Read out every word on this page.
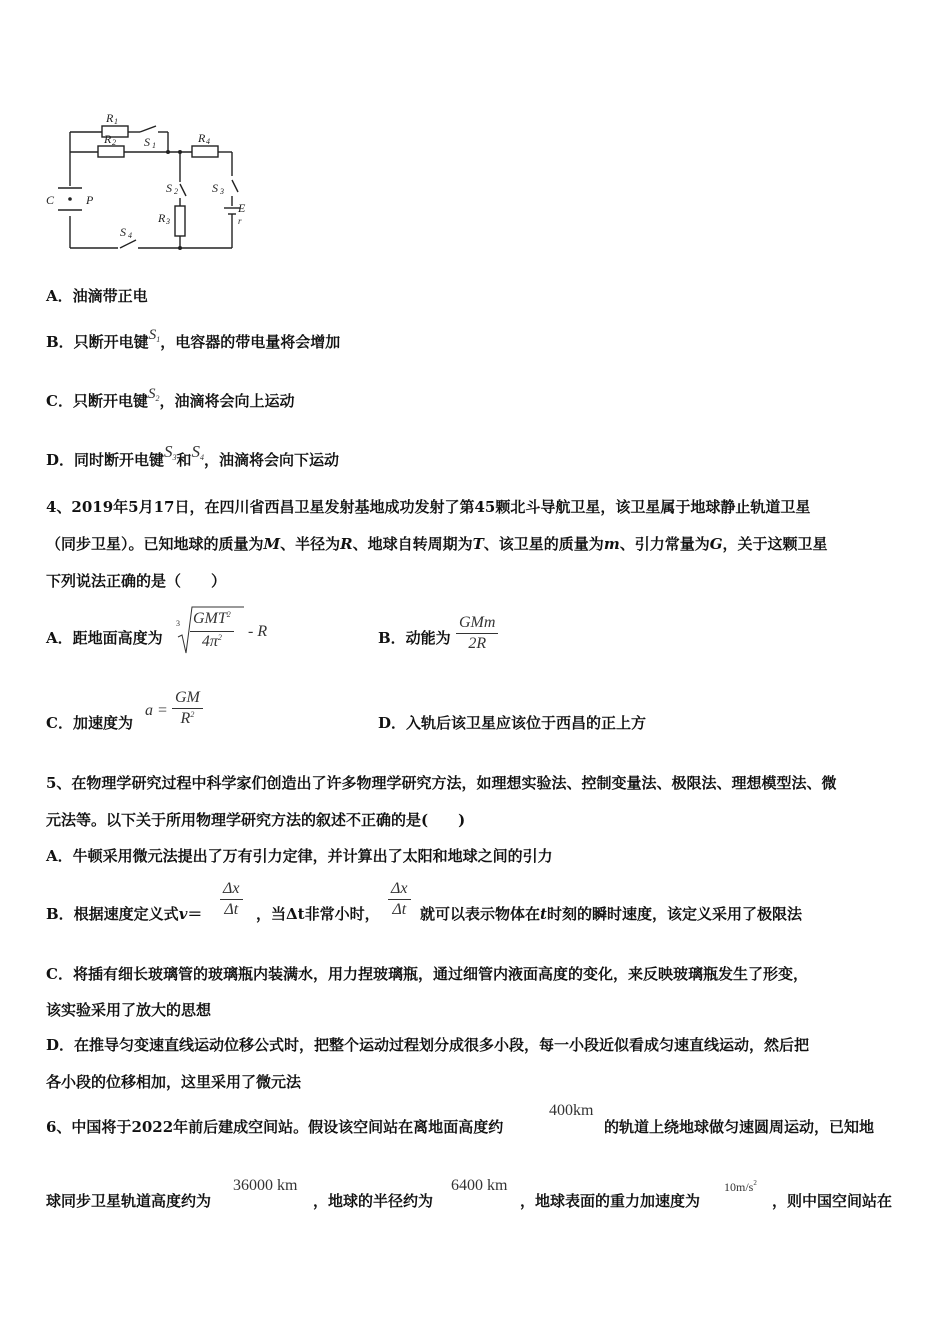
R 1
S 1
R 2	R 4
S 2	S 3
R 3
E
r
C	P
S 4
A．油滴带正电
B．只断开电键$S_1$，电容器的带电量将会增加
C．只断开电键$S_2$，油滴将会向上运动
D．同时断开电键S3和S4，油滴将会向下运动
4、2019年5月17日，在四川省西昌卫星发射基地成功发射了第45颗北斗导航卫星，该卫星属于地球静止轨道卫星
（同步卫星）。已知地球的质量为M、半径为R、地球自转周期为T、该卫星的质量为m、引力常量为G，关于这颗卫星
下列说法正确的是（　　）
A．距地面高度为
3 GMT$^2$
$4\pi^2$	- R	B．动能为
GMm
2R
C．加速度为
$a = \frac{GM}{R^2}$	D．入轨后该卫星应该位于西昌的正上方
5、在物理学研究过程中科学家们创造出了许多物理学研究方法，如理想实验法、控制变量法、极限法、理想模型法、微
元法等。以下关于所用物理学研究方法的叙述不正确的是(　　)
A．牛顿采用微元法提出了万有引力定律，并计算出了太阳和地球之间的引力
B．根据速度定义式$v= \frac{\Delta x}{\Delta t}$ ，当Δt非常小时， $\frac{\Delta x}{\Delta t}$ 就可以表示物体在t时刻的瞬时速度，该定义采用了极限法
C．将插有细长玻璃管的玻璃瓶内装满水，用力捏玻璃瓶，通过细管内液面高度的变化，来反映玻璃瓶发生了形变，
该实验采用了放大的思想
D．在推导匀变速直线运动位移公式时，把整个运动过程划分成很多小段，每一小段近似看成匀速直线运动，然后把
各小段的位移相加，这里采用了微元法
6、中国将于2022年前后建成空间站。假设该空间站在离地面高度约
400km
的轨道上绕地球做匀速圆周运动，已知地
球同步卫星轨道高度约为
36000 km
，地球的半径约为
6400 km
，地球表面的重力加速度为
$10m/s^2$
，则中国空间站在
